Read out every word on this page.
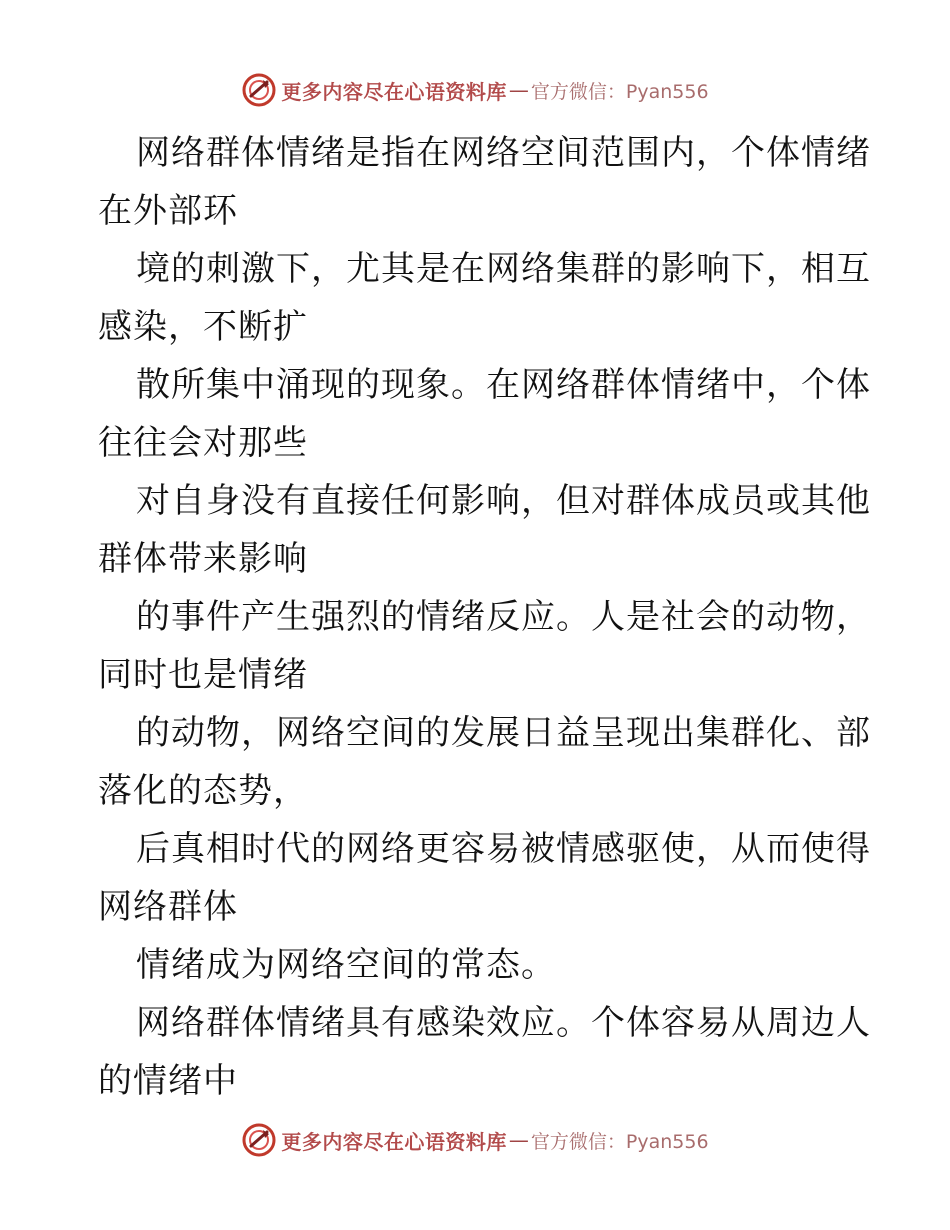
更多内容尽在心语资料库 — 官方微信：Pyan556

网络群体情绪是指在网络空间范围内，个体情绪
在外部环

境的刺激下，尤其是在网络集群的影响下，相互
感染，不断扩

散所集中涌现的现象。在网络群体情绪中，个体
往往会对那些

对自身没有直接任何影响，但对群体成员或其他
群体带来影响

的事件产生强烈的情绪反应。人是社会的动物，
同时也是情绪

的动物，网络空间的发展日益呈现出集群化、部
落化的态势，

后真相时代的网络更容易被情感驱使，从而使得
网络群体

情绪成为网络空间的常态。

网络群体情绪具有感染效应。个体容易从周边人
的情绪中

更多内容尽在心语资料库 — 官方微信：Pyan556
